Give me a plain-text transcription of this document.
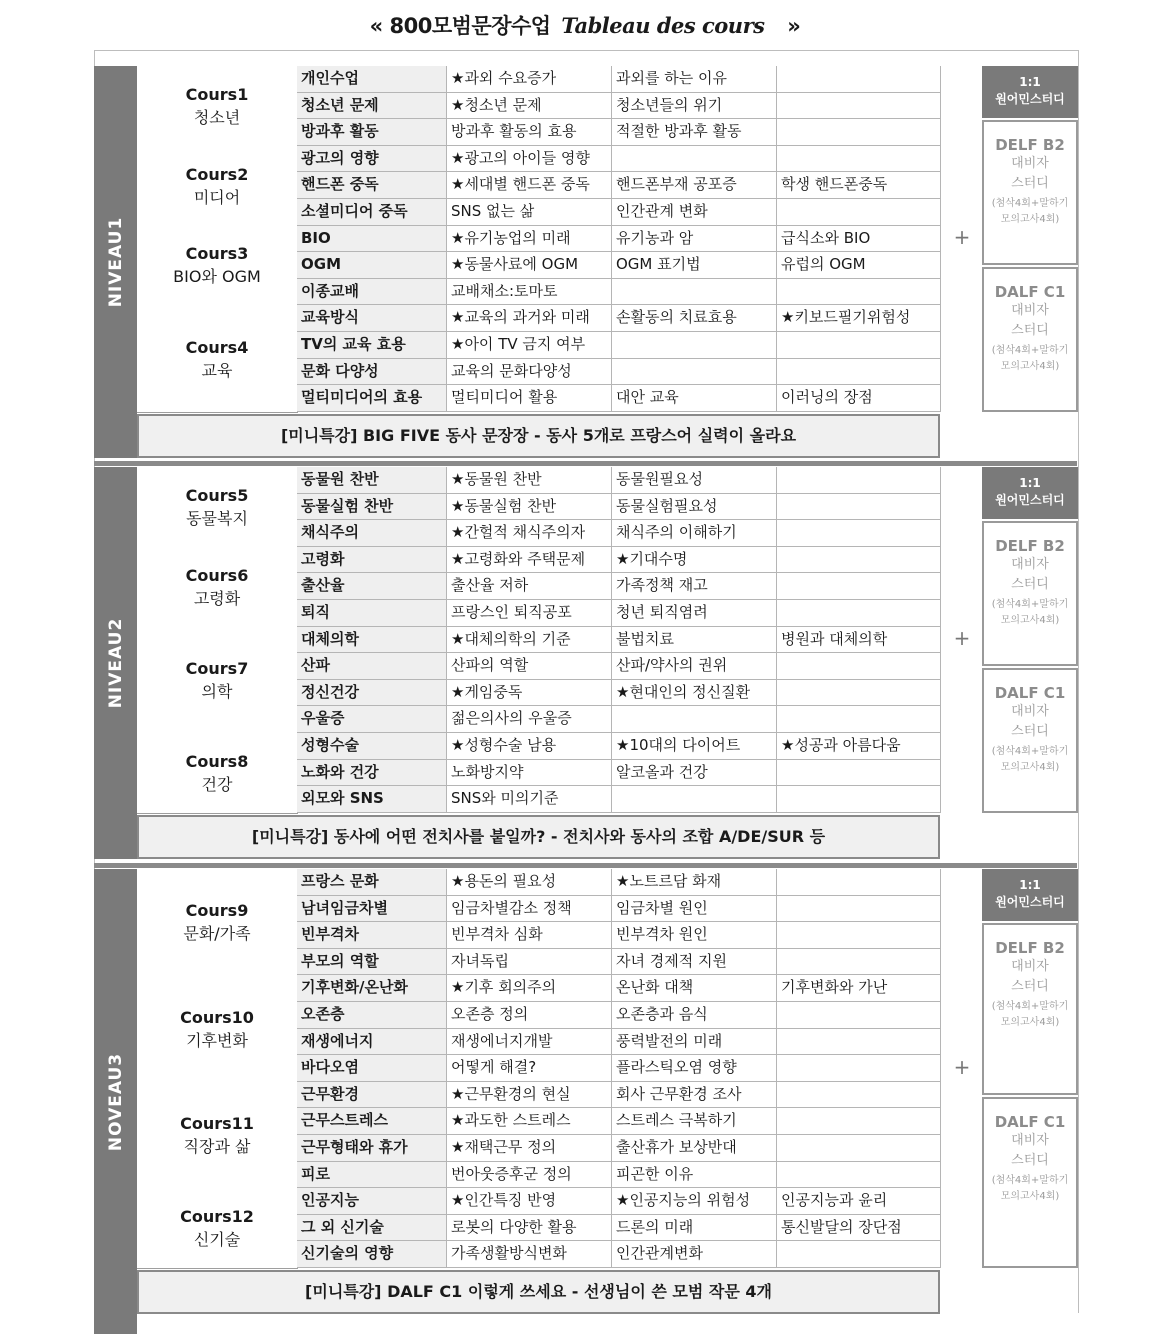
« 800모범문장수업 Tableau des cours »
NIVEAU1
Cours1
청소년
개인수업	★과외 수요증가	과외를 하는 이유
청소년 문제	★청소년 문제	청소년들의 위기
방과후 활동	방과후 활동의 효용	적절한 방과후 활동
Cours2
미디어
광고의 영향	★광고의 아이들 영향
핸드폰 중독	★세대별 핸드폰 중독	핸드폰부재 공포증	학생 핸드폰중독
소셜미디어 중독	SNS 없는 삶	인간관계 변화
Cours3
BIO와 OGM
BIO	★유기농업의 미래	유기농과 암	급식소와 BIO
OGM	★동물사료에 OGM	OGM 표기법	유럽의 OGM
이종교배	교배채소:토마토
Cours4
교육
교육방식	★교육의 과거와 미래	손활동의 치료효용	★키보드필기위험성
TV의 교육 효용	★아이 TV 금지 여부
문화 다양성	교육의 문화다양성
멀티미디어의 효용	멀티미디어 활용	대안 교육	이러닝의 장점
[미니특강] BIG FIVE 동사 문장장 - 동사 5개로 프랑스어 실력이 올라요
+
1:1
원어민스터디
DELF B2
대비자
스터디
(첨삭4회+말하기
모의고사4회)
DALF C1
대비자
스터디
(첨삭4회+말하기
모의고사4회)
NIVEAU2
Cours5
동물복지
동물원 찬반	★동물원 찬반	동물원필요성
동물실험 찬반	★동물실험 찬반	동물실험필요성
채식주의	★간헐적 채식주의자	채식주의 이해하기
Cours6
고령화
고령화	★고령화와 주택문제	★기대수명
출산율	출산율 저하	가족정책 재고
퇴직	프랑스인 퇴직공포	청년 퇴직염려
Cours7
의학
대체의학	★대체의학의 기준	불법치료	병원과 대체의학
산파	산파의 역할	산파/약사의 권위
정신건강	★게임중독	★현대인의 정신질환
우울증	젊은의사의 우울증
Cours8
건강
성형수술	★성형수술 남용	★10대의 다이어트	★성공과 아름다움
노화와 건강	노화방지약	알코올과 건강
외모와 SNS	SNS와 미의기준
[미니특강] 동사에 어떤 전치사를 붙일까? - 전치사와 동사의 조합 A/DE/SUR 등
+
1:1
원어민스터디
DELF B2
대비자
스터디
(첨삭4회+말하기
모의고사4회)
DALF C1
대비자
스터디
(첨삭4회+말하기
모의고사4회)
NOVEAU3
Cours9
문화/가족
프랑스 문화	★용돈의 필요성	★노트르담 화재
남녀임금차별	임금차별감소 정책	임금차별 원인
빈부격차	빈부격차 심화	빈부격차 원인
부모의 역할	자녀독립	자녀 경제적 지원
Cours10
기후변화
기후변화/온난화	★기후 회의주의	온난화 대책	기후변화와 가난
오존층	오존층 정의	오존층과 음식
재생에너지	재생에너지개발	풍력발전의 미래
바다오염	어떻게 해결?	플라스틱오염 영향
Cours11
직장과 삶
근무환경	★근무환경의 현실	회사 근무환경 조사
근무스트레스	★과도한 스트레스	스트레스 극복하기
근무형태와 휴가	★재택근무 정의	출산휴가 보상반대
피로	번아웃증후군 정의	피곤한 이유
Cours12
신기술
인공지능	★인간특징 반영	★인공지능의 위험성	인공지능과 윤리
그 외 신기술	로봇의 다양한 활용	드론의 미래	통신발달의 장단점
신기술의 영향	가족생활방식변화	인간관계변화
[미니특강] DALF C1 이렇게 쓰세요 - 선생님이 쓴 모범 작문 4개
+
1:1
원어민스터디
DELF B2
대비자
스터디
(첨삭4회+말하기
모의고사4회)
DALF C1
대비자
스터디
(첨삭4회+말하기
모의고사4회)
